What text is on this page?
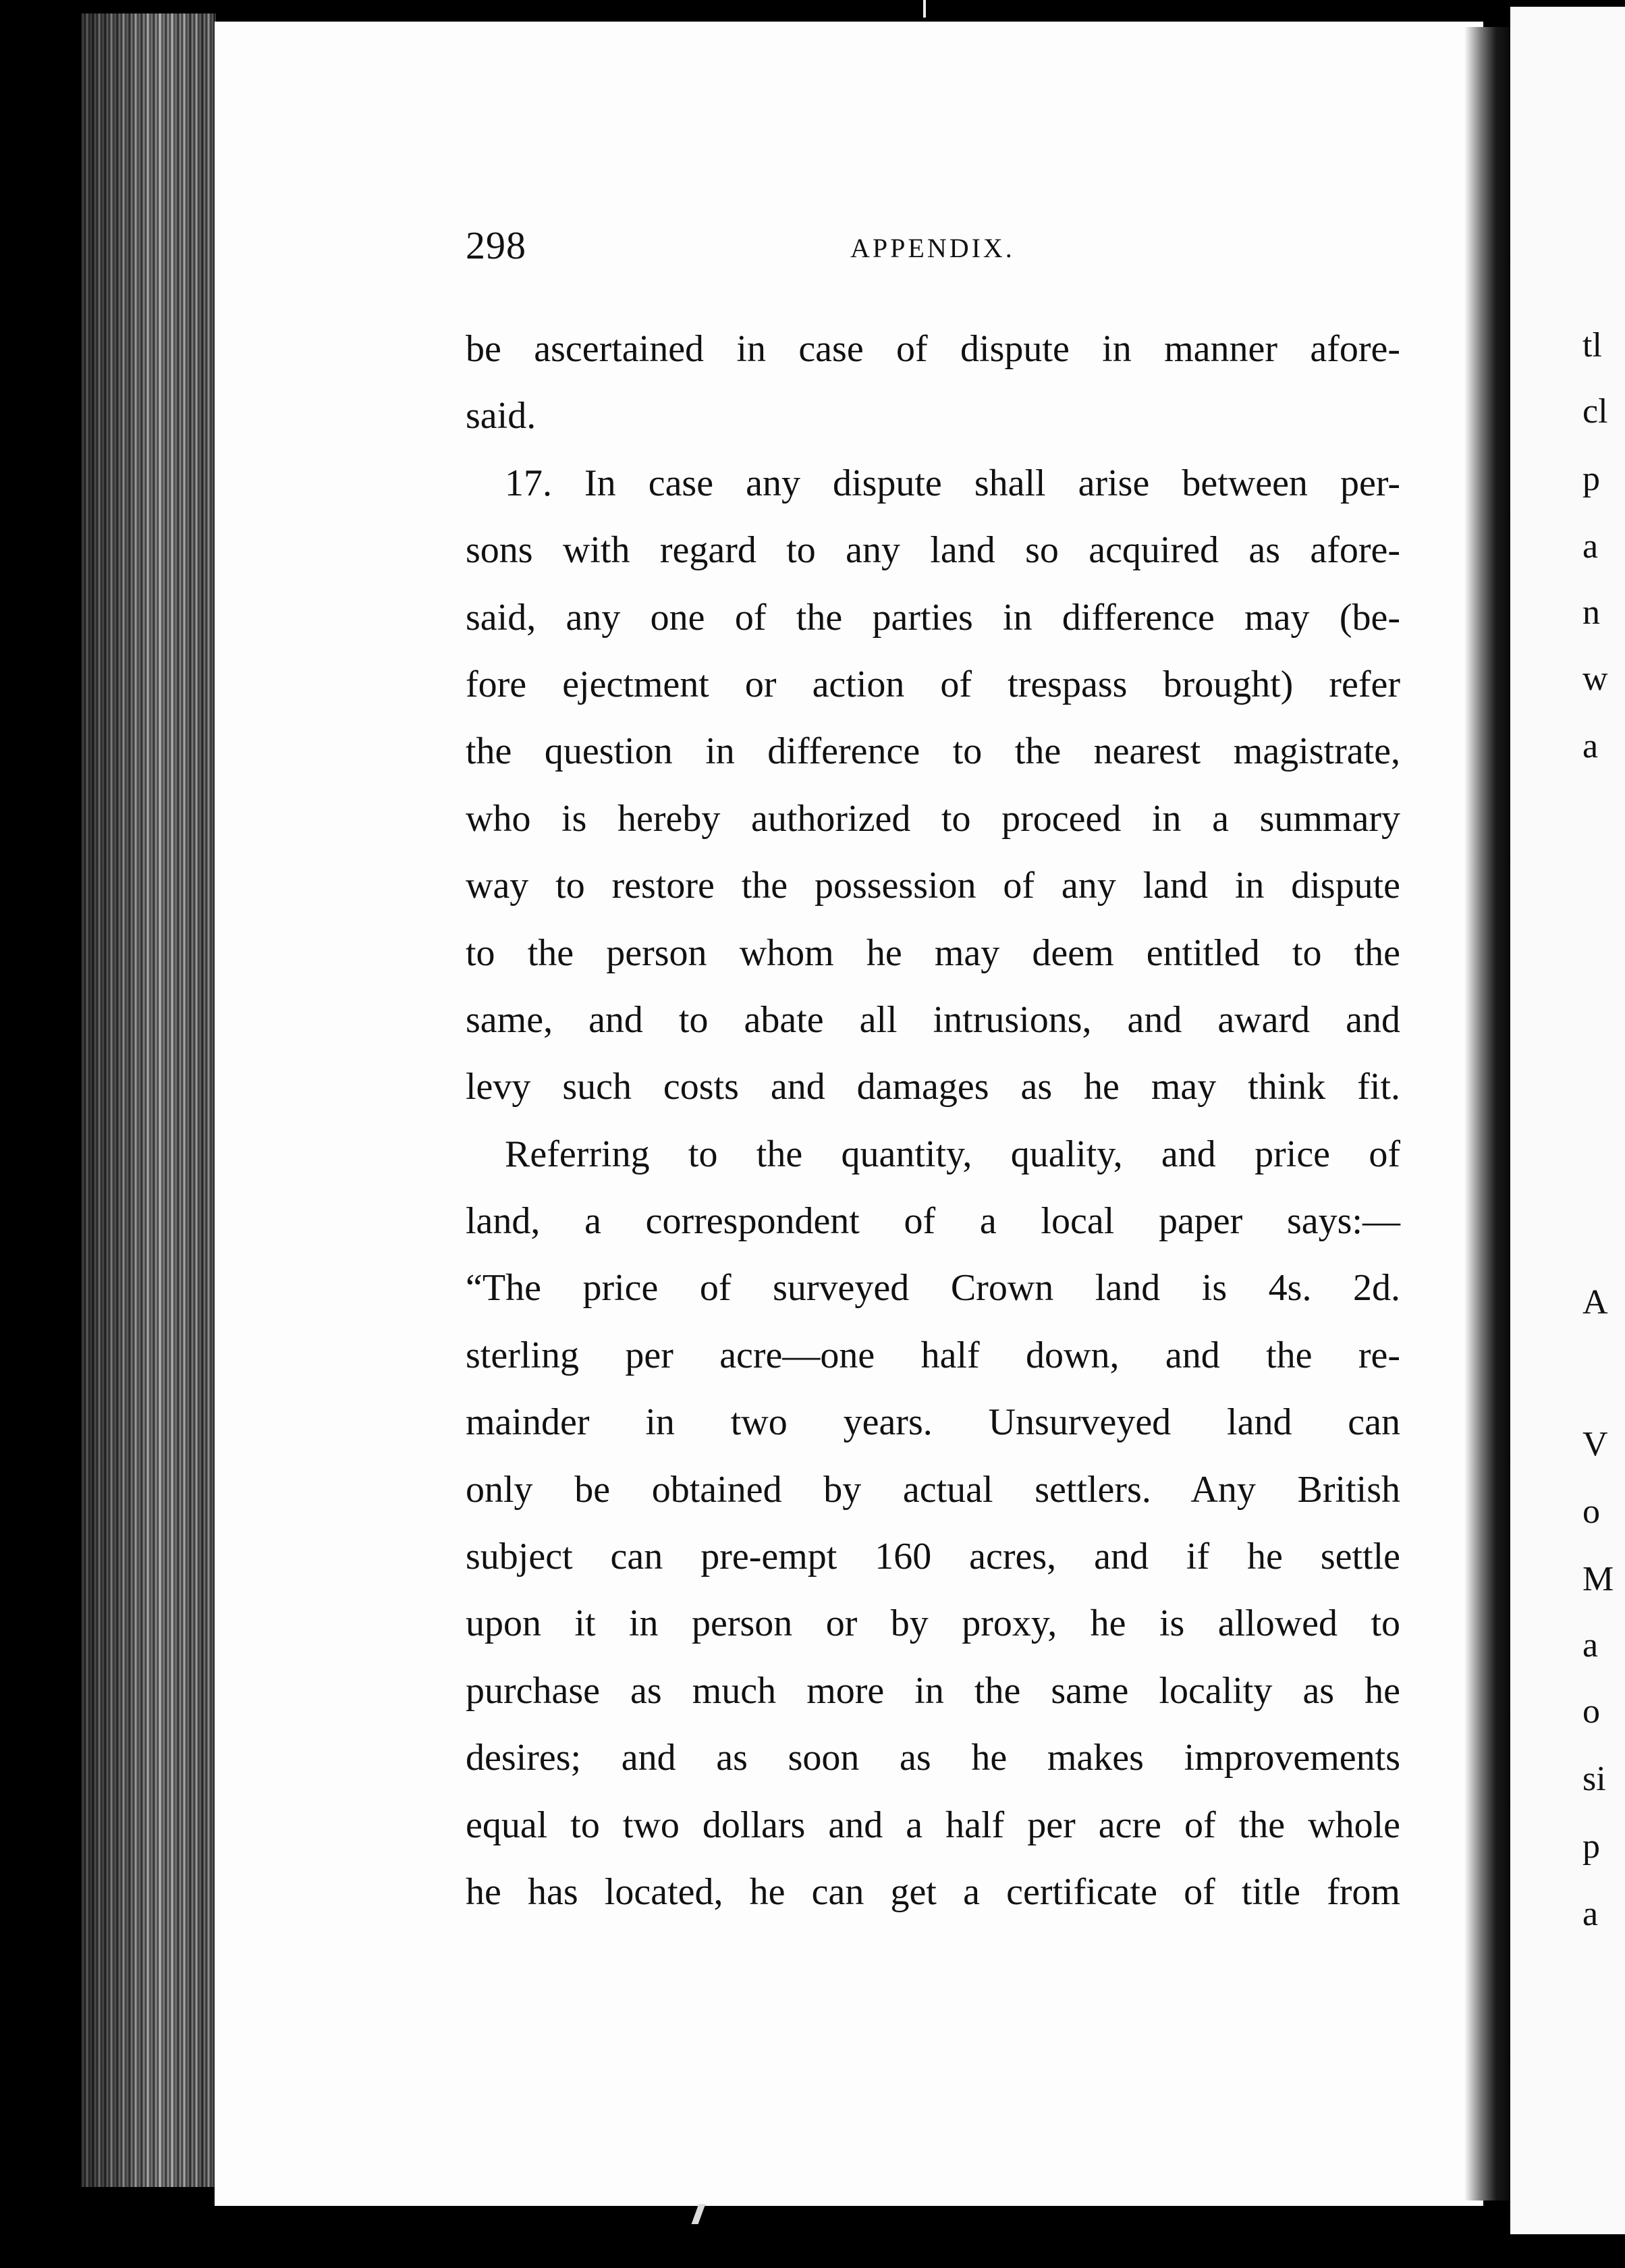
tl
cl
p
a
n
w
a
A
V
o
M
a
o
si
p
a
298	APPENDIX.
be ascertained in case of dispute in manner afore-
said.
17. In case any dispute shall arise between per-
sons with regard to any land so acquired as afore-
said, any one of the parties in difference may (be-
fore ejectment or action of trespass brought) refer
the question in difference to the nearest magistrate,
who is hereby authorized to proceed in a summary
way to restore the possession of any land in dispute
to the person whom he may deem entitled to the
same, and to abate all intrusions, and award and
levy such costs and damages as he may think fit.
Referring to the quantity, quality, and price of
land, a correspondent of a local paper says:—
“The price of surveyed Crown land is 4s. 2d.
sterling per acre—one half down, and the re-
mainder in two years. Unsurveyed land can
only be obtained by actual settlers. Any British
subject can pre-empt 160 acres, and if he settle
upon it in person or by proxy, he is allowed to
purchase as much more in the same locality as he
desires; and as soon as he makes improvements
equal to two dollars and a half per acre of the whole
he has located, he can get a certificate of title from
